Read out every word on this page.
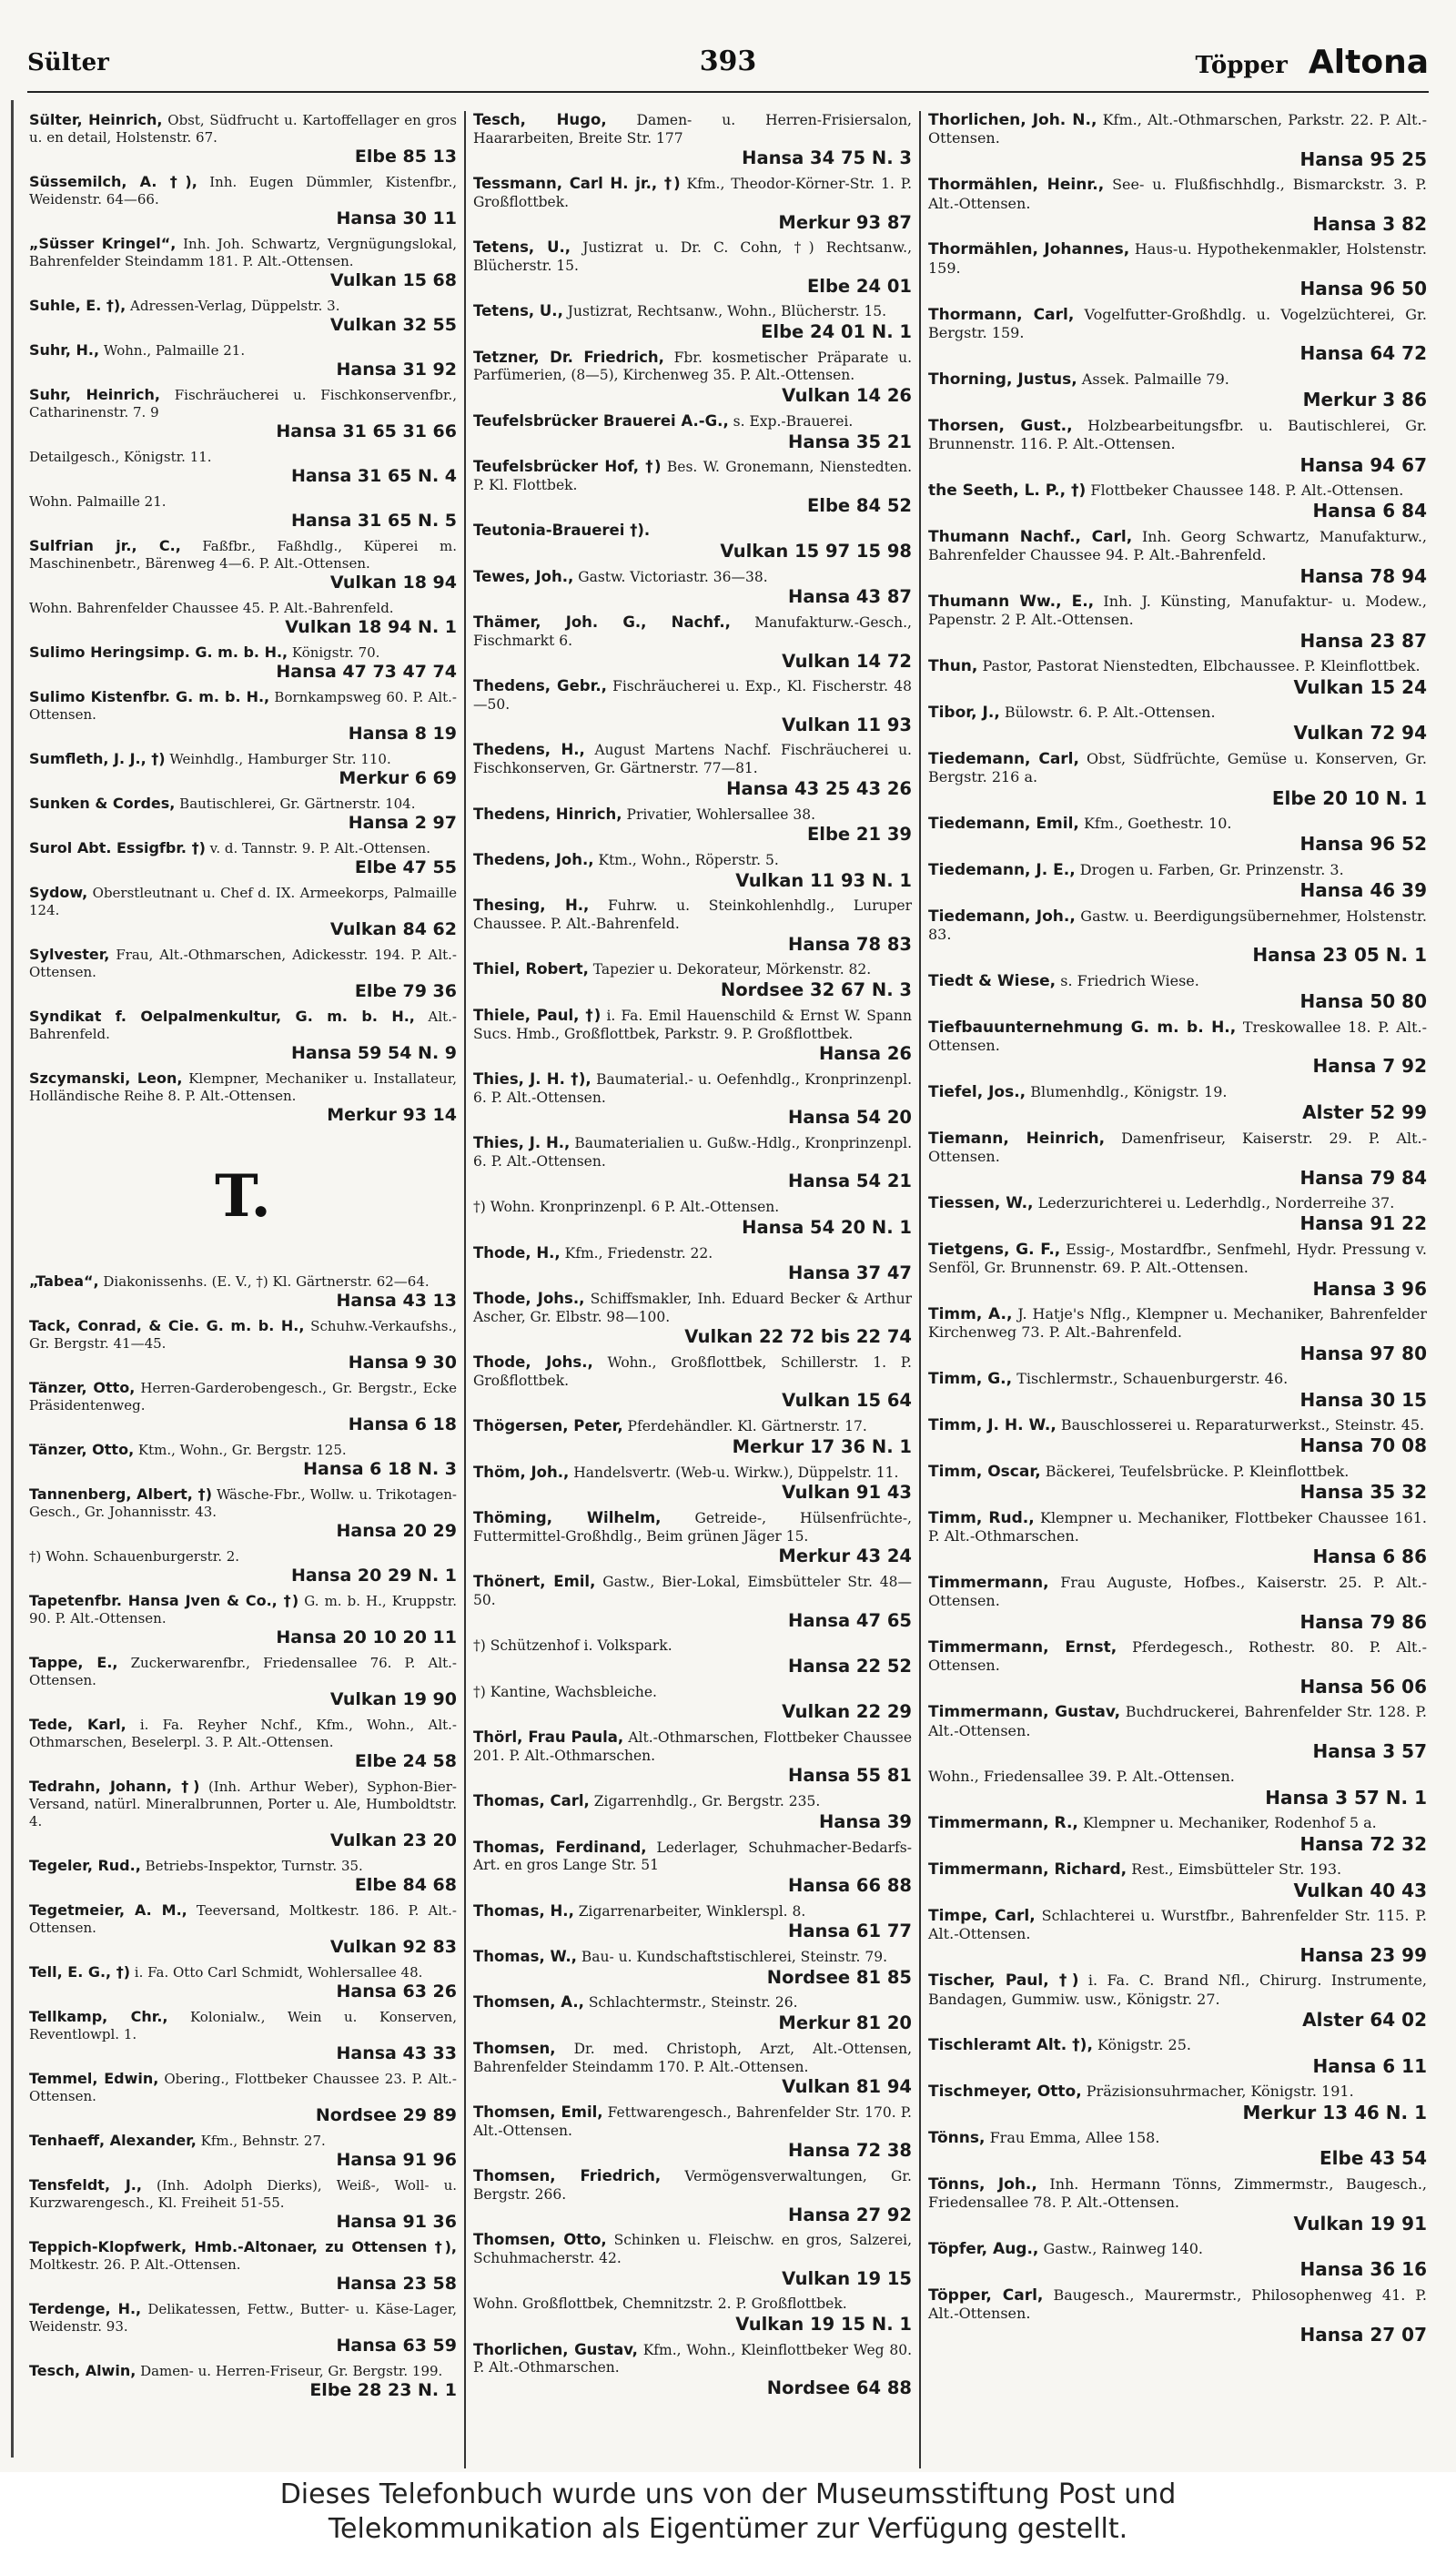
Sülter	393	Töpper Altona

Sülter, Heinrich, Obst, Südfrucht u. Kartoffellager en gros u. en detail, Holstenstr. 67.
Elbe 85 13

Süssemilch, A. †), Inh. Eugen Dümmler, Kistenfbr., Weidenstr. 64—66.
Hansa 30 11

„Süsser Kringel“, Inh. Joh. Schwartz, Vergnügungslokal, Bahrenfelder Steindamm 181. P. Alt.-Ottensen.
Vulkan 15 68

Suhle, E. †), Adressen-Verlag, Düppelstr. 3.
Vulkan 32 55

Suhr, H., Wohn., Palmaille 21.
Hansa 31 92

Suhr, Heinrich, Fischräucherei u. Fischkonservenfbr., Catharinenstr. 7. 9
Hansa 31 65 31 66

Detailgesch., Königstr. 11.
Hansa 31 65 N. 4

Wohn. Palmaille 21.
Hansa 31 65 N. 5

Sulfrian jr., C., Faßfbr., Faßhdlg., Küperei m. Maschinenbetr., Bärenweg 4—6. P. Alt.-Ottensen.
Vulkan 18 94

Wohn. Bahrenfelder Chaussee 45. P. Alt.-Bahrenfeld.
Vulkan 18 94 N. 1

Sulimo Heringsimp. G. m. b. H., Königstr. 70.
Hansa 47 73 47 74

Sulimo Kistenfbr. G. m. b. H., Bornkampsweg 60. P. Alt.-Ottensen.
Hansa 8 19

Sumfleth, J. J., †) Weinhdlg., Hamburger Str. 110.
Merkur 6 69

Sunken & Cordes, Bautischlerei, Gr. Gärtnerstr. 104.
Hansa 2 97

Surol Abt. Essigfbr. †) v. d. Tannstr. 9. P. Alt.-Ottensen.
Elbe 47 55

Sydow, Oberstleutnant u. Chef d. IX. Armeekorps, Palmaille 124.
Vulkan 84 62

Sylvester, Frau, Alt.-Othmarschen, Adickesstr. 194. P. Alt.-Ottensen.
Elbe 79 36

Syndikat f. Oelpalmenkultur, G. m. b. H., Alt.-Bahrenfeld.
Hansa 59 54 N. 9

Szcymanski, Leon, Klempner, Mechaniker u. Installateur, Holländische Reihe 8. P. Alt.-Ottensen.
Merkur 93 14

T.

„Tabea“, Diakonissenhs. (E. V., †) Kl. Gärtnerstr. 62—64.
Hansa 43 13

Tack, Conrad, & Cie. G. m. b. H., Schuhw.-Verkaufshs., Gr. Bergstr. 41—45.
Hansa 9 30

Tänzer, Otto, Herren-Garderobengesch., Gr. Bergstr., Ecke Präsidentenweg.
Hansa 6 18

Tänzer, Otto, Ktm., Wohn., Gr. Bergstr. 125.
Hansa 6 18 N. 3

Tannenberg, Albert, †) Wäsche-Fbr., Wollw. u. Trikotagen-Gesch., Gr. Johannisstr. 43.
Hansa 20 29

†) Wohn. Schauenburgerstr. 2.
Hansa 20 29 N. 1

Tapetenfbr. Hansa Jven & Co., †) G. m. b. H., Kruppstr. 90. P. Alt.-Ottensen.
Hansa 20 10 20 11

Tappe, E., Zuckerwarenfbr., Friedensallee 76. P. Alt.-Ottensen.
Vulkan 19 90

Tede, Karl, i. Fa. Reyher Nchf., Kfm., Wohn., Alt.-Othmarschen, Beselerpl. 3. P. Alt.-Ottensen.
Elbe 24 58

Tedrahn, Johann, †) (Inh. Arthur Weber), Syphon-Bier-Versand, natürl. Mineralbrunnen, Porter u. Ale, Humboldtstr. 4.
Vulkan 23 20

Tegeler, Rud., Betriebs-Inspektor, Turnstr. 35.
Elbe 84 68

Tegetmeier, A. M., Teeversand, Moltkestr. 186. P. Alt.-Ottensen.
Vulkan 92 83

Tell, E. G., †) i. Fa. Otto Carl Schmidt, Wohlersallee 48.
Hansa 63 26

Tellkamp, Chr., Kolonialw., Wein u. Konserven, Reventlowpl. 1.
Hansa 43 33

Temmel, Edwin, Obering., Flottbeker Chaussee 23. P. Alt.-Ottensen.
Nordsee 29 89

Tenhaeff, Alexander, Kfm., Behnstr. 27.
Hansa 91 96

Tensfeldt, J., (Inh. Adolph Dierks), Weiß-, Woll- u. Kurzwarengesch., Kl. Freiheit 51-55.
Hansa 91 36

Teppich-Klopfwerk, Hmb.-Altonaer, zu Ottensen †), Moltkestr. 26. P. Alt.-Ottensen.
Hansa 23 58

Terdenge, H., Delikatessen, Fettw., Butter- u. Käse-Lager, Weidenstr. 93.
Hansa 63 59

Tesch, Alwin, Damen- u. Herren-Friseur, Gr. Bergstr. 199.
Elbe 28 23 N. 1

Tesch, Hugo, Damen- u. Herren-Frisiersalon, Haararbeiten, Breite Str. 177
Hansa 34 75 N. 3

Tessmann, Carl H. jr., †) Kfm., Theodor-Körner-Str. 1. P. Großflottbek.
Merkur 93 87

Tetens, U., Justizrat u. Dr. C. Cohn, †) Rechtsanw., Blücherstr. 15.
Elbe 24 01

Tetens, U., Justizrat, Rechtsanw., Wohn., Blücherstr. 15.
Elbe 24 01 N. 1

Tetzner, Dr. Friedrich, Fbr. kosmetischer Präparate u. Parfümerien, (8—5), Kirchenweg 35. P. Alt.-Ottensen.
Vulkan 14 26

Teufelsbrücker Brauerei A.-G., s. Exp.-Brauerei.
Hansa 35 21

Teufelsbrücker Hof, †) Bes. W. Gronemann, Nienstedten. P. Kl. Flottbek.
Elbe 84 52

Teutonia-Brauerei †).
Vulkan 15 97 15 98

Tewes, Joh., Gastw. Victoriastr. 36—38.
Hansa 43 87

Thämer, Joh. G., Nachf., Manufakturw.-Gesch., Fischmarkt 6.
Vulkan 14 72

Thedens, Gebr., Fischräucherei u. Exp., Kl. Fischerstr. 48—50.
Vulkan 11 93

Thedens, H., August Martens Nachf. Fischräucherei u. Fischkonserven, Gr. Gärtnerstr. 77—81.
Hansa 43 25 43 26

Thedens, Hinrich, Privatier, Wohlersallee 38.
Elbe 21 39

Thedens, Joh., Ktm., Wohn., Röperstr. 5.
Vulkan 11 93 N. 1

Thesing, H., Fuhrw. u. Steinkohlenhdlg., Luruper Chaussee. P. Alt.-Bahrenfeld.
Hansa 78 83

Thiel, Robert, Tapezier u. Dekorateur, Mörkenstr. 82.
Nordsee 32 67 N. 3

Thiele, Paul, †) i. Fa. Emil Hauenschild & Ernst W. Spann Sucs. Hmb., Großflottbek, Parkstr. 9. P. Großflottbek.
Hansa 26

Thies, J. H. †), Baumaterial.- u. Oefenhdlg., Kronprinzenpl. 6. P. Alt.-Ottensen.
Hansa 54 20

Thies, J. H., Baumaterialien u. Gußw.-Hdlg., Kronprinzenpl. 6. P. Alt.-Ottensen.
Hansa 54 21

†) Wohn. Kronprinzenpl. 6 P. Alt.-Ottensen.
Hansa 54 20 N. 1

Thode, H., Kfm., Friedenstr. 22.
Hansa 37 47

Thode, Johs., Schiffsmakler, Inh. Eduard Becker & Arthur Ascher, Gr. Elbstr. 98—100.
Vulkan 22 72 bis 22 74

Thode, Johs., Wohn., Großflottbek, Schillerstr. 1. P. Großflottbek.
Vulkan 15 64

Thögersen, Peter, Pferdehändler. Kl. Gärtnerstr. 17.
Merkur 17 36 N. 1

Thöm, Joh., Handelsvertr. (Web-u. Wirkw.), Düppelstr. 11.
Vulkan 91 43

Thöming, Wilhelm, Getreide-, Hülsenfrüchte-, Futtermittel-Großhdlg., Beim grünen Jäger 15.
Merkur 43 24

Thönert, Emil, Gastw., Bier-Lokal, Eimsbütteler Str. 48—50.
Hansa 47 65

†) Schützenhof i. Volkspark.
Hansa 22 52

†) Kantine, Wachsbleiche.
Vulkan 22 29

Thörl, Frau Paula, Alt.-Othmarschen, Flottbeker Chaussee 201. P. Alt.-Othmarschen.
Hansa 55 81

Thomas, Carl, Zigarrenhdlg., Gr. Bergstr. 235.
Hansa 39

Thomas, Ferdinand, Lederlager, Schuhmacher-Bedarfs-Art. en gros Lange Str. 51
Hansa 66 88

Thomas, H., Zigarrenarbeiter, Winklerspl. 8.
Hansa 61 77

Thomas, W., Bau- u. Kundschaftstischlerei, Steinstr. 79.
Nordsee 81 85

Thomsen, A., Schlachtermstr., Steinstr. 26.
Merkur 81 20

Thomsen, Dr. med. Christoph, Arzt, Alt.-Ottensen, Bahrenfelder Steindamm 170. P. Alt.-Ottensen.
Vulkan 81 94

Thomsen, Emil, Fettwarengesch., Bahrenfelder Str. 170. P. Alt.-Ottensen.
Hansa 72 38

Thomsen, Friedrich, Vermögensverwaltungen, Gr. Bergstr. 266.
Hansa 27 92

Thomsen, Otto, Schinken u. Fleischw. en gros, Salzerei, Schuhmacherstr. 42.
Vulkan 19 15

Wohn. Großflottbek, Chemnitzstr. 2. P. Großflottbek.
Vulkan 19 15 N. 1

Thorlichen, Gustav, Kfm., Wohn., Kleinflottbeker Weg 80. P. Alt.-Othmarschen.
Nordsee 64 88

Thorlichen, Joh. N., Kfm., Alt.-Othmarschen, Parkstr. 22. P. Alt.-Ottensen.
Hansa 95 25

Thormählen, Heinr., See- u. Flußfischhdlg., Bismarckstr. 3. P. Alt.-Ottensen.
Hansa 3 82

Thormählen, Johannes, Haus-u. Hypothekenmakler, Holstenstr. 159.
Hansa 96 50

Thormann, Carl, Vogelfutter-Großhdlg. u. Vogelzüchterei, Gr. Bergstr. 159.
Hansa 64 72

Thorning, Justus, Assek. Palmaille 79.
Merkur 3 86

Thorsen, Gust., Holzbearbeitungsfbr. u. Bautischlerei, Gr. Brunnenstr. 116. P. Alt.-Ottensen.
Hansa 94 67

the Seeth, L. P., †) Flottbeker Chaussee 148. P. Alt.-Ottensen.
Hansa 6 84

Thumann Nachf., Carl, Inh. Georg Schwartz, Manufakturw., Bahrenfelder Chaussee 94. P. Alt.-Bahrenfeld.
Hansa 78 94

Thumann Ww., E., Inh. J. Künsting, Manufaktur- u. Modew., Papenstr. 2 P. Alt.-Ottensen.
Hansa 23 87

Thun, Pastor, Pastorat Nienstedten, Elbchaussee. P. Kleinflottbek.
Vulkan 15 24

Tibor, J., Bülowstr. 6. P. Alt.-Ottensen.
Vulkan 72 94

Tiedemann, Carl, Obst, Südfrüchte, Gemüse u. Konserven, Gr. Bergstr. 216 a.
Elbe 20 10 N. 1

Tiedemann, Emil, Kfm., Goethestr. 10.
Hansa 96 52

Tiedemann, J. E., Drogen u. Farben, Gr. Prinzenstr. 3.
Hansa 46 39

Tiedemann, Joh., Gastw. u. Beerdigungsübernehmer, Holstenstr. 83.
Hansa 23 05 N. 1

Tiedt & Wiese, s. Friedrich Wiese.
Hansa 50 80

Tiefbauunternehmung G. m. b. H., Treskowallee 18. P. Alt.-Ottensen.
Hansa 7 92

Tiefel, Jos., Blumenhdlg., Königstr. 19.
Alster 52 99

Tiemann, Heinrich, Damenfriseur, Kaiserstr. 29. P. Alt.-Ottensen.
Hansa 79 84

Tiessen, W., Lederzurichterei u. Lederhdlg., Norderreihe 37.
Hansa 91 22

Tietgens, G. F., Essig-, Mostardfbr., Senfmehl, Hydr. Pressung v. Senföl, Gr. Brunnenstr. 69. P. Alt.-Ottensen.
Hansa 3 96

Timm, A., J. Hatje's Nflg., Klempner u. Mechaniker, Bahrenfelder Kirchenweg 73. P. Alt.-Bahrenfeld.
Hansa 97 80

Timm, G., Tischlermstr., Schauenburgerstr. 46.
Hansa 30 15

Timm, J. H. W., Bauschlosserei u. Reparaturwerkst., Steinstr. 45.
Hansa 70 08

Timm, Oscar, Bäckerei, Teufelsbrücke. P. Kleinflottbek.
Hansa 35 32

Timm, Rud., Klempner u. Mechaniker, Flottbeker Chaussee 161. P. Alt.-Othmarschen.
Hansa 6 86

Timmermann, Frau Auguste, Hofbes., Kaiserstr. 25. P. Alt.-Ottensen.
Hansa 79 86

Timmermann, Ernst, Pferdegesch., Rothestr. 80. P. Alt.-Ottensen.
Hansa 56 06

Timmermann, Gustav, Buchdruckerei, Bahrenfelder Str. 128. P. Alt.-Ottensen.
Hansa 3 57

Wohn., Friedensallee 39. P. Alt.-Ottensen.
Hansa 3 57 N. 1

Timmermann, R., Klempner u. Mechaniker, Rodenhof 5 a.
Hansa 72 32

Timmermann, Richard, Rest., Eimsbütteler Str. 193.
Vulkan 40 43

Timpe, Carl, Schlachterei u. Wurstfbr., Bahrenfelder Str. 115. P. Alt.-Ottensen.
Hansa 23 99

Tischer, Paul, †) i. Fa. C. Brand Nfl., Chirurg. Instrumente, Bandagen, Gummiw. usw., Königstr. 27.
Alster 64 02

Tischleramt Alt. †), Königstr. 25.
Hansa 6 11

Tischmeyer, Otto, Präzisionsuhrmacher, Königstr. 191.
Merkur 13 46 N. 1

Tönns, Frau Emma, Allee 158.
Elbe 43 54

Tönns, Joh., Inh. Hermann Tönns, Zimmermstr., Baugesch., Friedensallee 78. P. Alt.-Ottensen.
Vulkan 19 91

Töpfer, Aug., Gastw., Rainweg 140.
Hansa 36 16

Töpper, Carl, Baugesch., Maurermstr., Philosophenweg 41. P. Alt.-Ottensen.
Hansa 27 07

Dieses Telefonbuch wurde uns von der Museumsstiftung Post und
Telekommunikation als Eigentümer zur Verfügung gestellt.
